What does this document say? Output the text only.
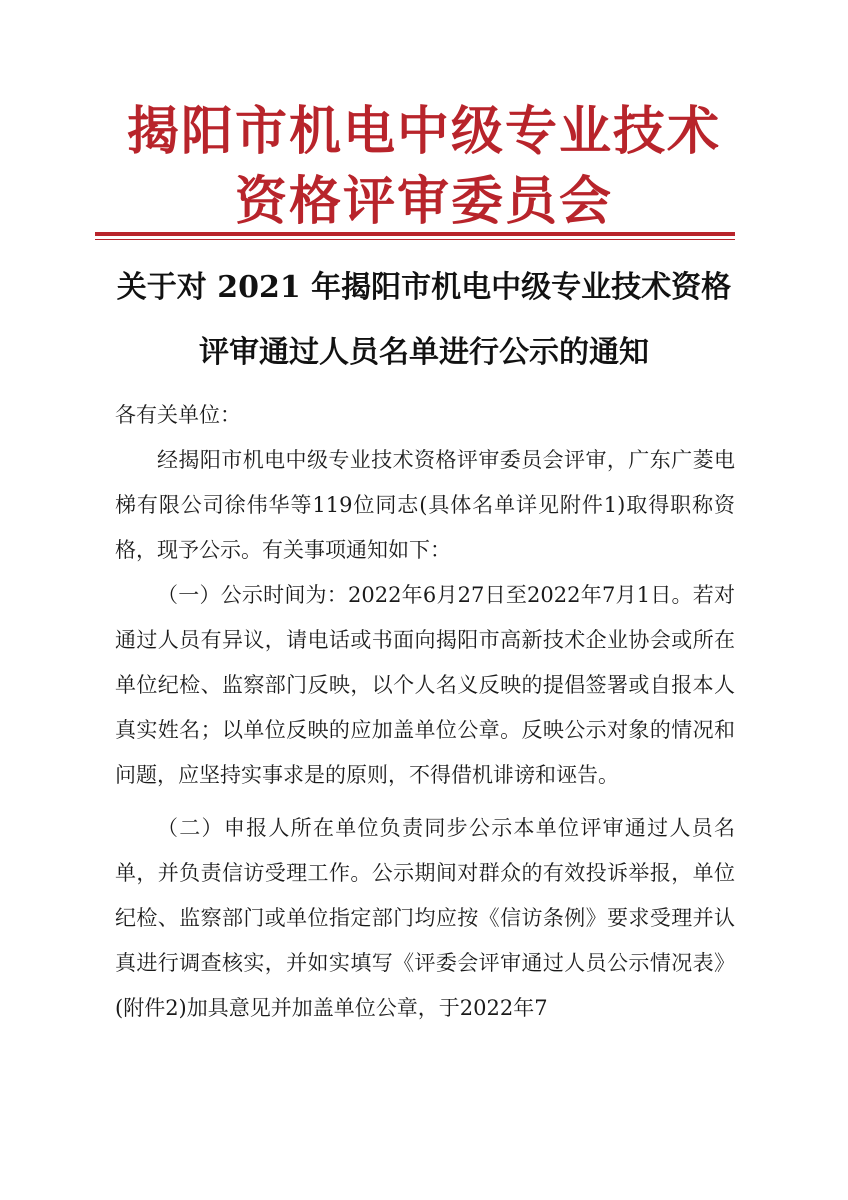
揭阳市机电中级专业技术
资格评审委员会
关于对 2021 年揭阳市机电中级专业技术资格
评审通过人员名单进行公示的通知

各有关单位：

经揭阳市机电中级专业技术资格评审委员会评审，广东广菱电梯有限公司徐伟华等119位同志(具体名单详见附件1)取得职称资格，现予公示。有关事项通知如下：

（一）公示时间为：2022年6月27日至2022年7月1日。若对通过人员有异议，请电话或书面向揭阳市高新技术企业协会或所在单位纪检、监察部门反映，以个人名义反映的提倡签署或自报本人真实姓名；以单位反映的应加盖单位公章。反映公示对象的情况和问题，应坚持实事求是的原则，不得借机诽谤和诬告。

（二）申报人所在单位负责同步公示本单位评审通过人员名单，并负责信访受理工作。公示期间对群众的有效投诉举报，单位纪检、监察部门或单位指定部门均应按《信访条例》要求受理并认真进行调查核实，并如实填写《评委会评审通过人员公示情况表》(附件2)加具意见并加盖单位公章，于2022年7
